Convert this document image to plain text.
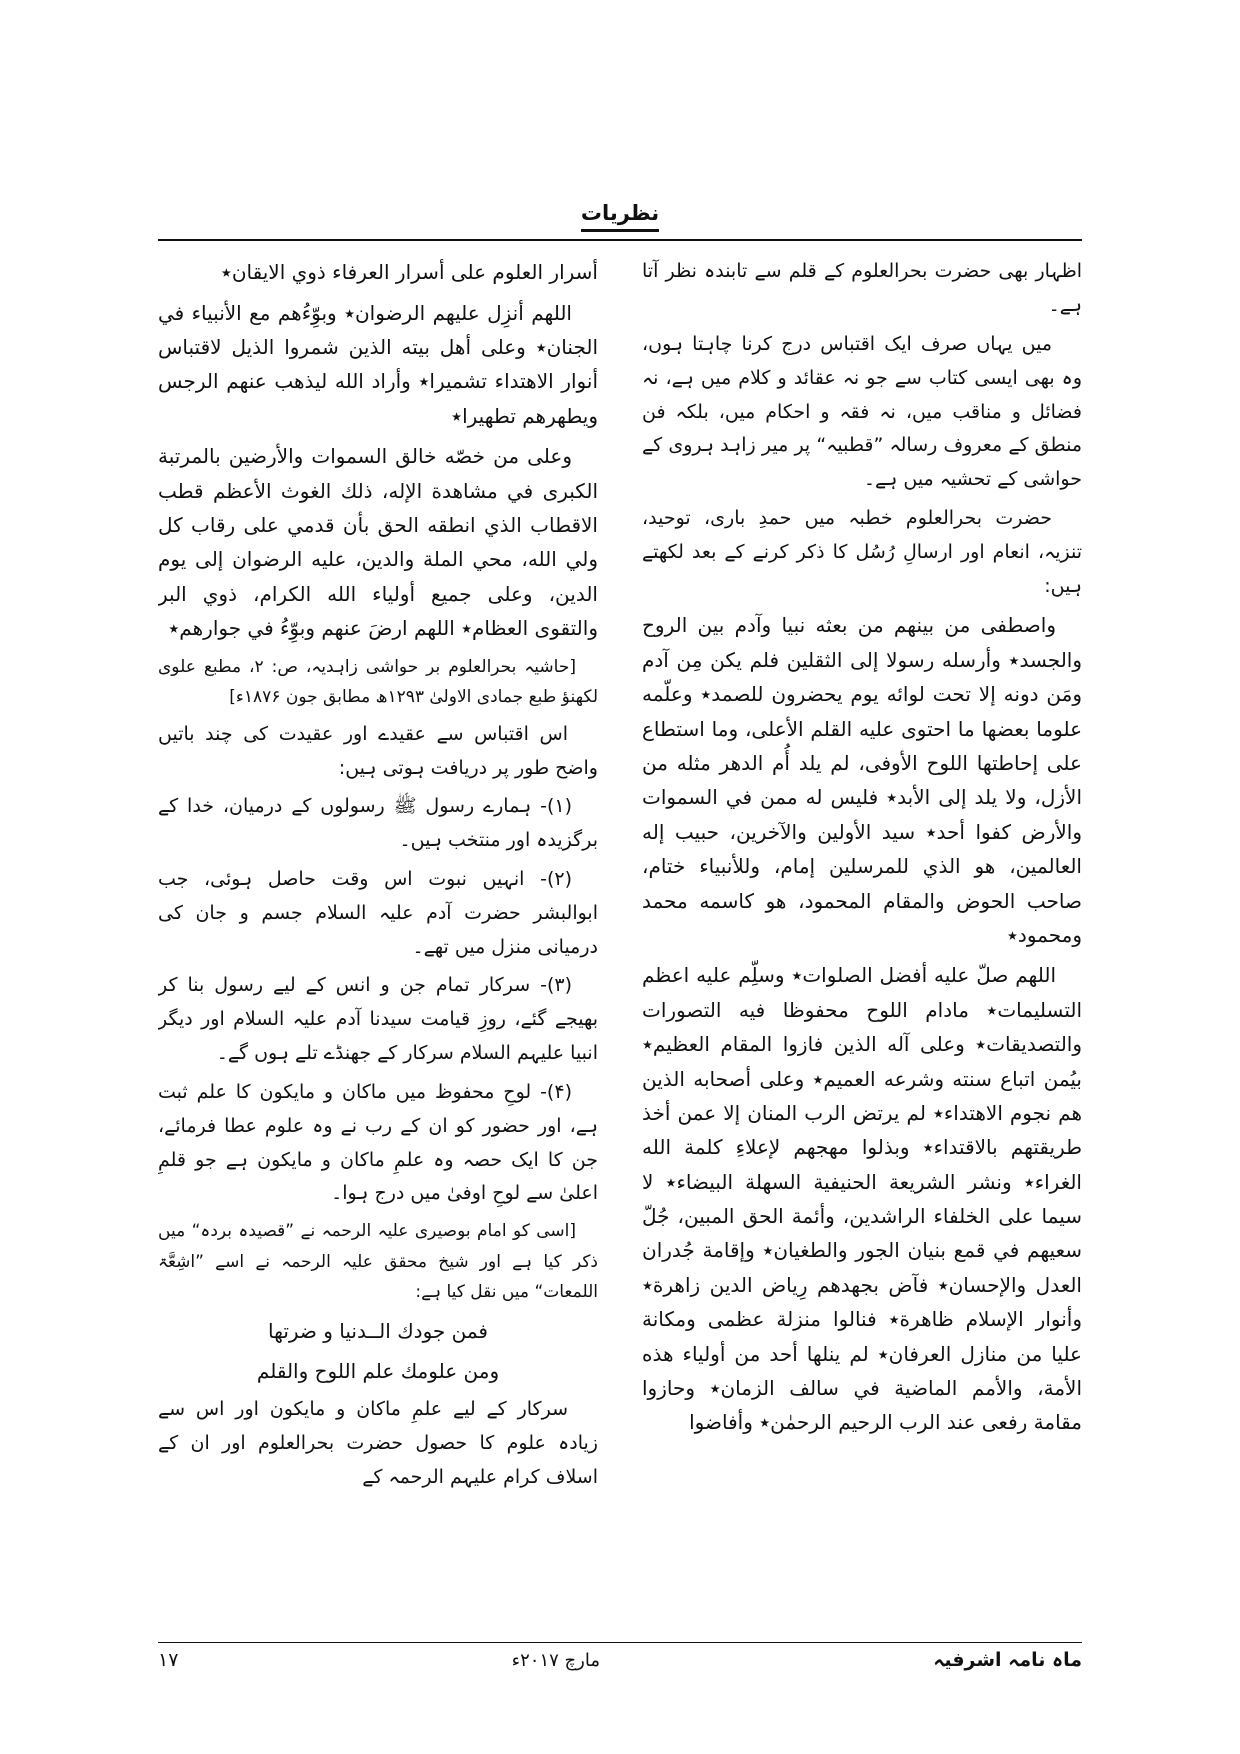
نظریات

اظہار بھی حضرت بحرالعلوم کے قلم سے تابندہ نظر آتا ہے۔

میں یہاں صرف ایک اقتباس درج کرنا چاہتا ہوں، وہ بھی ایسی کتاب سے جو نہ عقائد و کلام میں ہے، نہ فضائل و مناقب میں، نہ فقہ و احکام میں، بلکہ فن منطق کے معروف رسالہ ”قطبیہ“ پر میر زاہد ہروی کے حواشی کے تحشیہ میں ہے۔

حضرت بحرالعلوم خطبہ میں حمدِ باری، توحید، تنزیہ، انعام اور ارسالِ رُسُل کا ذکر کرنے کے بعد لکھتے ہیں:

واصطفى من بينهم من بعثه نبيا وآدم بين الروح والجسد٭ وأرسله رسولا إلى الثقلين فلم يكن مِن آدم ومَن دونه إلا تحت لوائه يوم يحضرون للصمد٭ وعلّمه علوما بعضها ما احتوى عليه القلم الأعلى، وما استطاع على إحاطتها اللوح الأوفى، لم يلد أُم الدهر مثله من الأزل، ولا يلد إلى الأبد٭ فليس له ممن في السموات والأرض كفوا أحد٭ سيد الأولين والآخرين، حبيب إله العالمين، هو الذي للمرسلين إمام، وللأنبياء ختام، صاحب الحوض والمقام المحمود، هو كاسمه محمد ومحمود٭

اللهم صلّ عليه أفضل الصلوات٭ وسلِّم عليه اعظم التسليمات٭ مادام اللوح محفوظا فيه التصورات والتصديقات٭ وعلى آله الذين فازوا المقام العظيم٭ بيُمن اتباع سنته وشرعه العميم٭ وعلى أصحابه الذين هم نجوم الاهتداء٭ لم يرتض الرب المنان إلا عمن أخذ طريقتهم بالاقتداء٭ وبذلوا مهجهم لإعلاءِ كلمة الله الغراء٭ ونشر الشريعة الحنيفية السهلة البيضاء٭ لا سيما على الخلفاء الراشدين، وأئمة الحق المبين، جُلّ سعيهم في قمع بنيان الجور والطغيان٭ وإقامة جُدران العدل والإحسان٭ فآض بجهدهم رِياض الدين زاهرة٭ وأنوار الإسلام ظاهرة٭ فنالوا منزلة عظمى ومكانة عليا من منازل العرفان٭ لم ينلها أحد من أولياء هذه الأمة، والأمم الماضية في سالف الزمان٭ وحازوا مقامة رفعى عند الرب الرحيم الرحمٰن٭ وأفاضوا

أسرار العلوم على أسرار العرفاء ذوي الايقان٭

اللهم أنزِل عليهم الرضوان٭ وبوِّءُهم مع الأنبياء في الجنان٭ وعلى أهل بيته الذين شمروا الذيل لاقتباس أنوار الاهتداء تشميرا٭ وأراد الله ليذهب عنهم الرجس ويطهرهم تطهيرا٭

وعلى من خصّه خالق السموات والأرضين بالمرتبة الكبرى في مشاهدة الإله، ذلك الغوث الأعظم قطب الاقطاب الذي انطقه الحق بأن قدمي على رقاب كل ولي الله، محي الملة والدين، عليه الرضوان إلى يوم الدين، وعلى جميع أولياء الله الكرام، ذوي البر والتقوى العظام٭ اللهم ارضَ عنهم وبوِّءُ في جوارهم٭

[حاشیہ بحرالعلوم بر حواشی زاہدیہ، ص: ۲، مطبع علوی لکھنؤ طبع جمادی الاولیٰ ۱۲۹۳ھ مطابق جون ۱۸۷۶ء]

اس اقتباس سے عقیدے اور عقیدت کی چند باتیں واضح طور پر دریافت ہوتی ہیں:

(۱)- ہمارے رسول ﷺ رسولوں کے درمیان، خدا کے برگزیدہ اور منتخب ہیں۔

(۲)- انہیں نبوت اس وقت حاصل ہوئی، جب ابوالبشر حضرت آدم علیہ السلام جسم و جان کی درمیانی منزل میں تھے۔

(۳)- سرکار تمام جن و انس کے لیے رسول بنا کر بھیجے گئے، روزِ قیامت سیدنا آدم علیہ السلام اور دیگر انبیا علیہم السلام سرکار کے جھنڈے تلے ہوں گے۔

(۴)- لوحِ محفوظ میں ماکان و مایکون کا علم ثبت ہے، اور حضور کو ان کے رب نے وہ علوم عطا فرمائے، جن کا ایک حصہ وہ علمِ ماکان و مایکون ہے جو قلمِ اعلیٰ سے لوحِ اوفیٰ میں درج ہوا۔

[اسی کو امام بوصیری علیہ الرحمہ نے ”قصیدہ بردہ“ میں ذکر کیا ہے اور شیخ محقق علیہ الرحمہ نے اسے ”اشِعَّۃ اللمعات“ میں نقل کیا ہے:

فمن جودك الــدنيا و ضرتها

ومن علومك علم اللوح والقلم

سرکار کے لیے علمِ ماکان و مایکون اور اس سے زیادہ علوم کا حصول حضرت بحرالعلوم اور ان کے اسلاف کرام علیہم الرحمہ کے

ماہ نامہ اشرفیہ
مارچ ۲۰۱۷ء
۱۷
